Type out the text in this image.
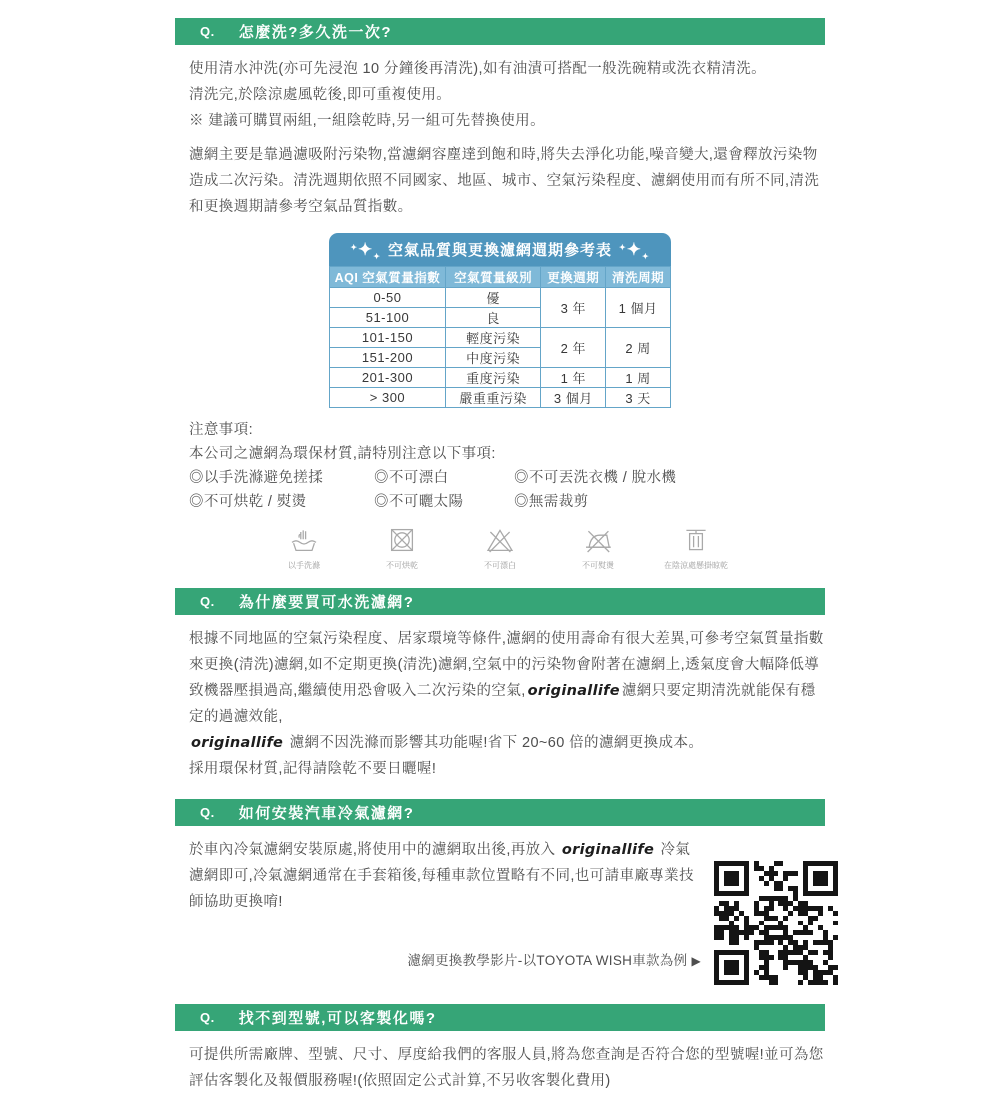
Q. 怎麼洗?多久洗一次?
使用清水沖洗(亦可先浸泡 10 分鐘後再清洗),如有油漬可搭配一般洗碗精或洗衣精清洗。
清洗完,於陰涼處風乾後,即可重複使用。
※ 建議可購買兩組,一組陰乾時,另一組可先替換使用。
濾網主要是靠過濾吸附污染物,當濾網容塵達到飽和時,將失去淨化功能,噪音變大,還會釋放污染物造成二次污染。清洗週期依照不同國家、地區、城市、空氣污染程度、濾網使用而有所不同,清洗和更換週期請參考空氣品質指數。
$^✦✦_✦$ 空氣品質與更換濾網週期參考表 $^✦✦_✦$
AQI 空氣質量指數	空氣質量級別	更換週期	清洗周期
0-50	優	3 年	1 個月
51-100	良		
101-150	輕度污染	2 年	2 周
151-200	中度污染		
201-300	重度污染	1 年	1 周
> 300	嚴重重污染	3 個月	3 天
注意事項:
本公司之濾網為環保材質,請特別注意以下事項:
◎以手洗滌避免搓揉	◎不可漂白	◎不可丟洗衣機 / 脫水機
◎不可烘乾 / 熨燙	◎不可曬太陽	◎無需裁剪
以手洗滌	不可烘乾	不可漂白	不可熨燙	在陰涼處懸掛晾乾
Q. 為什麼要買可水洗濾網?
根據不同地區的空氣污染程度、居家環境等條件,濾網的使用壽命有很大差異,可參考空氣質量指數來更換(清洗)濾網,如不定期更換(清洗)濾網,空氣中的污染物會附著在濾網上,透氣度會大幅降低導致機器壓損過高,繼續使用恐會吸入二次污染的空氣, originallife 濾網只要定期清洗就能保有穩定的過濾效能,
originallife 濾網不因洗滌而影響其功能喔!省下 20~60 倍的濾網更換成本。
採用環保材質,記得請陰乾不要日曬喔!
Q. 如何安裝汽車冷氣濾網?
於車內冷氣濾網安裝原處,將使用中的濾網取出後,再放入 originallife 冷氣濾網即可,冷氣濾網通常在手套箱後,每種車款位置略有不同,也可請車廠專業技師協助更換唷!
濾網更換教學影片-以TOYOTA WISH車款為例 ▶
Q. 找不到型號,可以客製化嗎?
可提供所需廠牌、型號、尺寸、厚度給我們的客服人員,將為您查詢是否符合您的型號喔!並可為您評估客製化及報價服務喔!(依照固定公式計算,不另收客製化費用)
